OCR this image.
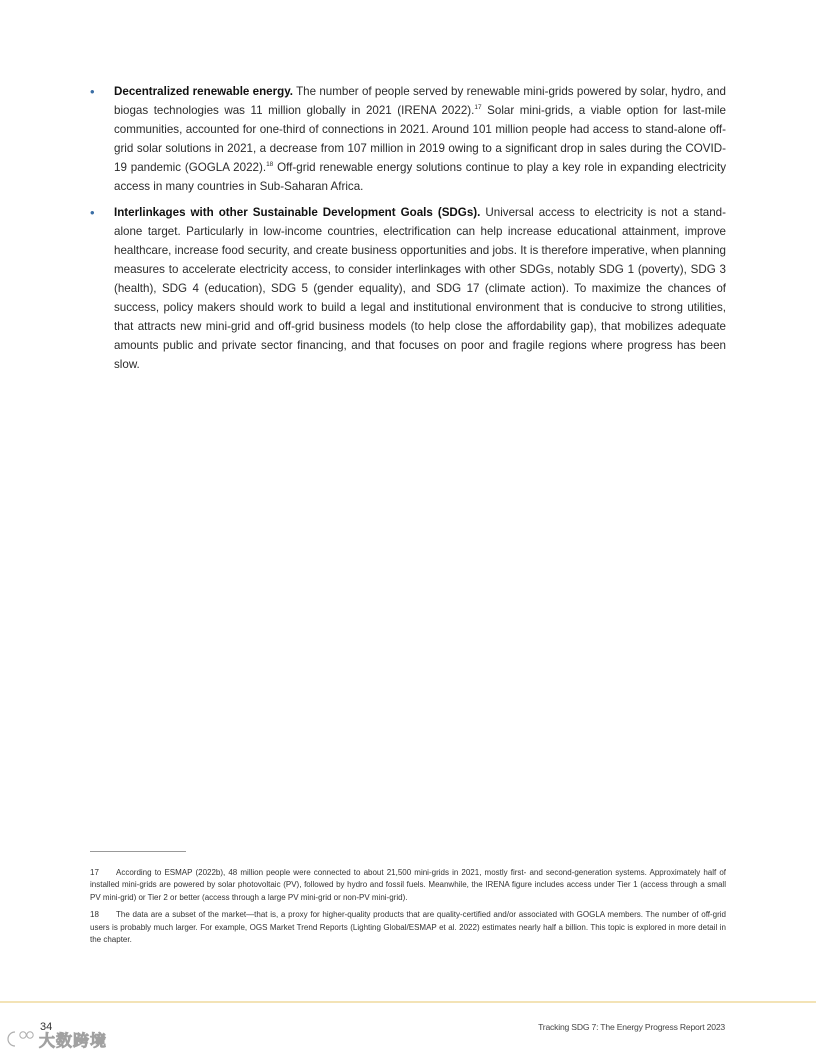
• Decentralized renewable energy. The number of people served by renewable mini-grids powered by solar, hydro, and biogas technologies was 11 million globally in 2021 (IRENA 2022).$^{17}$ Solar mini-grids, a viable option for last-mile communities, accounted for one-third of connections in 2021. Around 101 million people had access to stand-alone off-grid solar solutions in 2021, a decrease from 107 million in 2019 owing to a significant drop in sales during the COVID-19 pandemic (GOGLA 2022).$^{18}$ Off-grid renewable energy solutions continue to play a key role in expanding electricity access in many countries in Sub-Saharan Africa.
• Interlinkages with other Sustainable Development Goals (SDGs). Universal access to electricity is not a stand-alone target. Particularly in low-income countries, electrification can help increase educational attainment, improve healthcare, increase food security, and create business opportunities and jobs. It is therefore imperative, when planning measures to accelerate electricity access, to consider interlinkages with other SDGs, notably SDG 1 (poverty), SDG 3 (health), SDG 4 (education), SDG 5 (gender equality), and SDG 17 (climate action). To maximize the chances of success, policy makers should work to build a legal and institutional environment that is conducive to strong utilities, that attracts new mini-grid and off-grid business models (to help close the affordability gap), that mobilizes adequate amounts public and private sector financing, and that focuses on poor and fragile regions where progress has been slow.
17 According to ESMAP (2022b), 48 million people were connected to about 21,500 mini-grids in 2021, mostly first- and second-generation systems. Approximately half of installed mini-grids are powered by solar photovoltaic (PV), followed by hydro and fossil fuels. Meanwhile, the IRENA figure includes access under Tier 1 (access through a small PV mini-grid) or Tier 2 or better (access through a large PV mini-grid or non-PV mini-grid).
18 The data are a subset of the market—that is, a proxy for higher-quality products that are quality-certified and/or associated with GOGLA members. The number of off-grid users is probably much larger. For example, OGS Market Trend Reports (Lighting Global/ESMAP et al. 2022) estimates nearly half a billion. This topic is explored in more detail in the chapter.
34	Tracking SDG 7: The Energy Progress Report 2023
大数跨境
